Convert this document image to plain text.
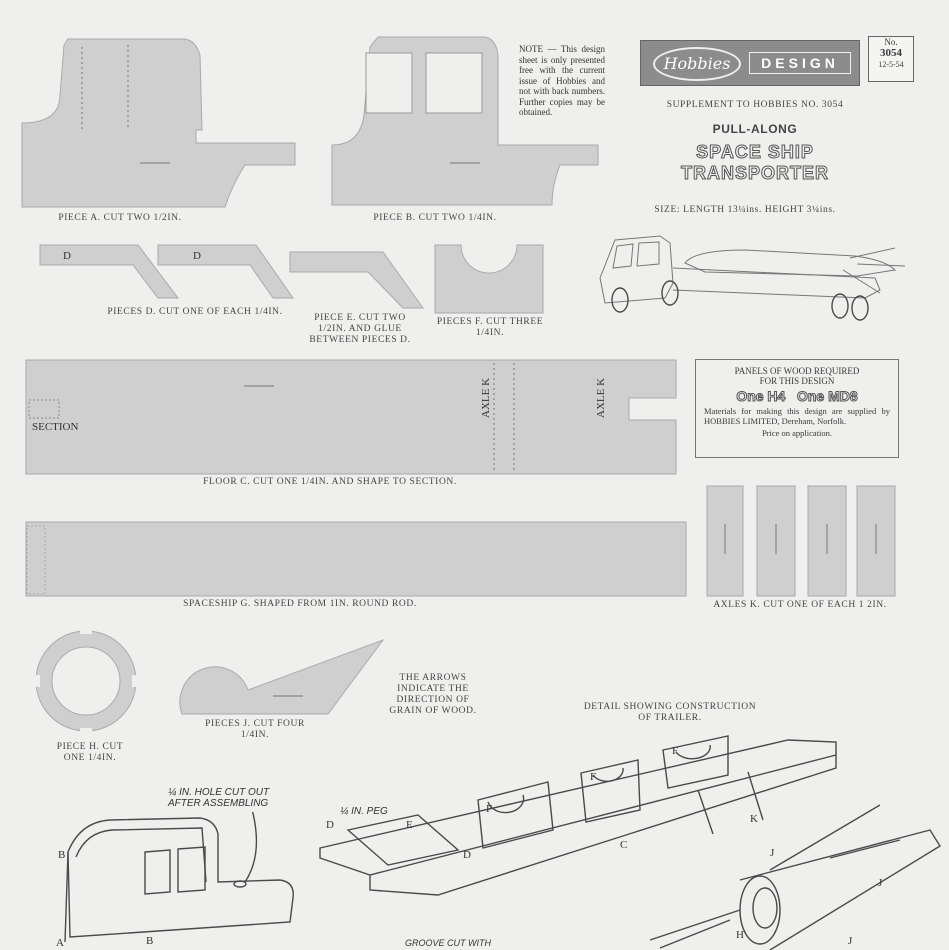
PIECE A. CUT TWO 1/2IN.	PIECE B. CUT TWO 1/4IN.
NOTE — This design sheet is only presented free with the current issue of Hobbies and not with back numbers. Further copies may be obtained.
Hobbies	DESIGN
No.
3054
12-5-54
SUPPLEMENT TO HOBBIES NO. 3054
PULL-ALONG
SPACE SHIP
TRANSPORTER
SIZE: LENGTH 13¼ins. HEIGHT 3¼ins.
D	D
PIECES D. CUT ONE OF EACH 1/4IN.
PIECE E. CUT TWO 1/2IN. AND GLUE BETWEEN PIECES D.
PIECES F. CUT THREE 1/4IN.
PANELS OF WOOD REQUIRED FOR THIS DESIGN
One H4   One MD8
Materials for making this design are supplied by HOBBIES LIMITED, Dereham, Norfolk.
Price on application.
SECTION
AXLE K	AXLE K
FLOOR C. CUT ONE 1/4IN. AND SHAPE TO SECTION.
SPACESHIP G. SHAPED FROM 1IN. ROUND ROD.	AXLES K. CUT ONE OF EACH 1 2IN.
PIECE H. CUT ONE 1/4IN.
PIECES J. CUT FOUR 1/4IN.
THE ARROWS INDICATE THE DIRECTION OF GRAIN OF WOOD.	DETAIL SHOWING CONSTRUCTION OF TRAILER.
¼ IN. HOLE CUT OUT AFTER ASSEMBLING
B
A	B
¼ IN. PEG
D	E
D
F
F
F
C
K
J
J
H	J
GROOVE CUT WITH
